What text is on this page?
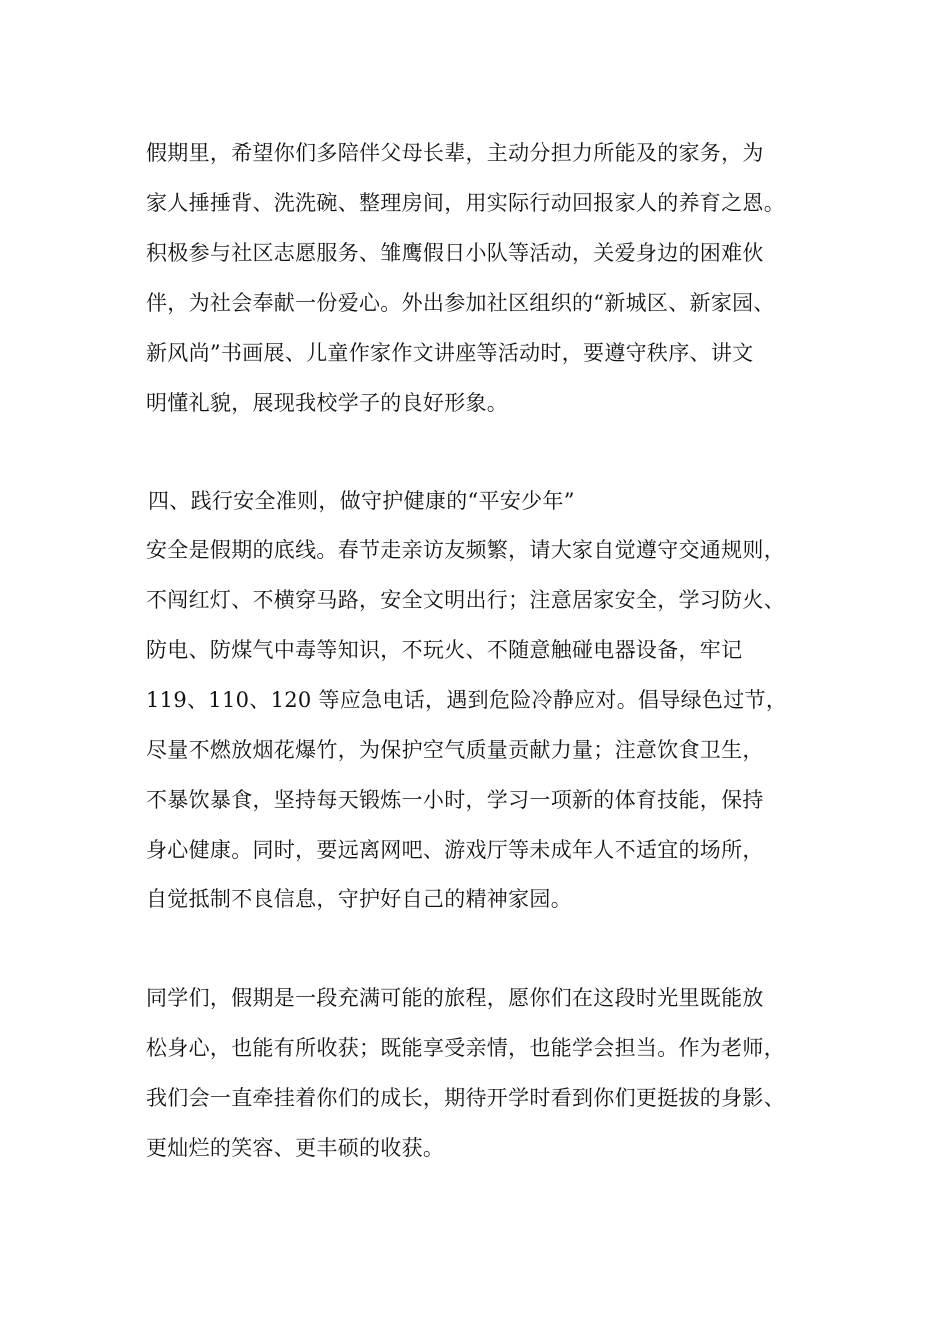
假期里，希望你们多陪伴父母长辈，主动分担力所能及的家务，为
家人捶捶背、洗洗碗、整理房间，用实际行动回报家人的养育之恩。
积极参与社区志愿服务、雏鹰假日小队等活动，关爱身边的困难伙
伴，为社会奉献一份爱心。外出参加社区组织的“新城区、新家园、
新风尚”书画展、儿童作家作文讲座等活动时，要遵守秩序、讲文
明懂礼貌，展现我校学子的良好形象。
四、践行安全准则，做守护健康的“平安少年”
安全是假期的底线。春节走亲访友频繁，请大家自觉遵守交通规则，
不闯红灯、不横穿马路，安全文明出行；注意居家安全，学习防火、
防电、防煤气中毒等知识，不玩火、不随意触碰电器设备，牢记
119、110、120 等应急电话，遇到危险冷静应对。倡导绿色过节，
尽量不燃放烟花爆竹，为保护空气质量贡献力量；注意饮食卫生，
不暴饮暴食，坚持每天锻炼一小时，学习一项新的体育技能，保持
身心健康。同时，要远离网吧、游戏厅等未成年人不适宜的场所，
自觉抵制不良信息，守护好自己的精神家园。
同学们，假期是一段充满可能的旅程，愿你们在这段时光里既能放
松身心，也能有所收获；既能享受亲情，也能学会担当。作为老师，
我们会一直牵挂着你们的成长，期待开学时看到你们更挺拔的身影、
更灿烂的笑容、更丰硕的收获。
